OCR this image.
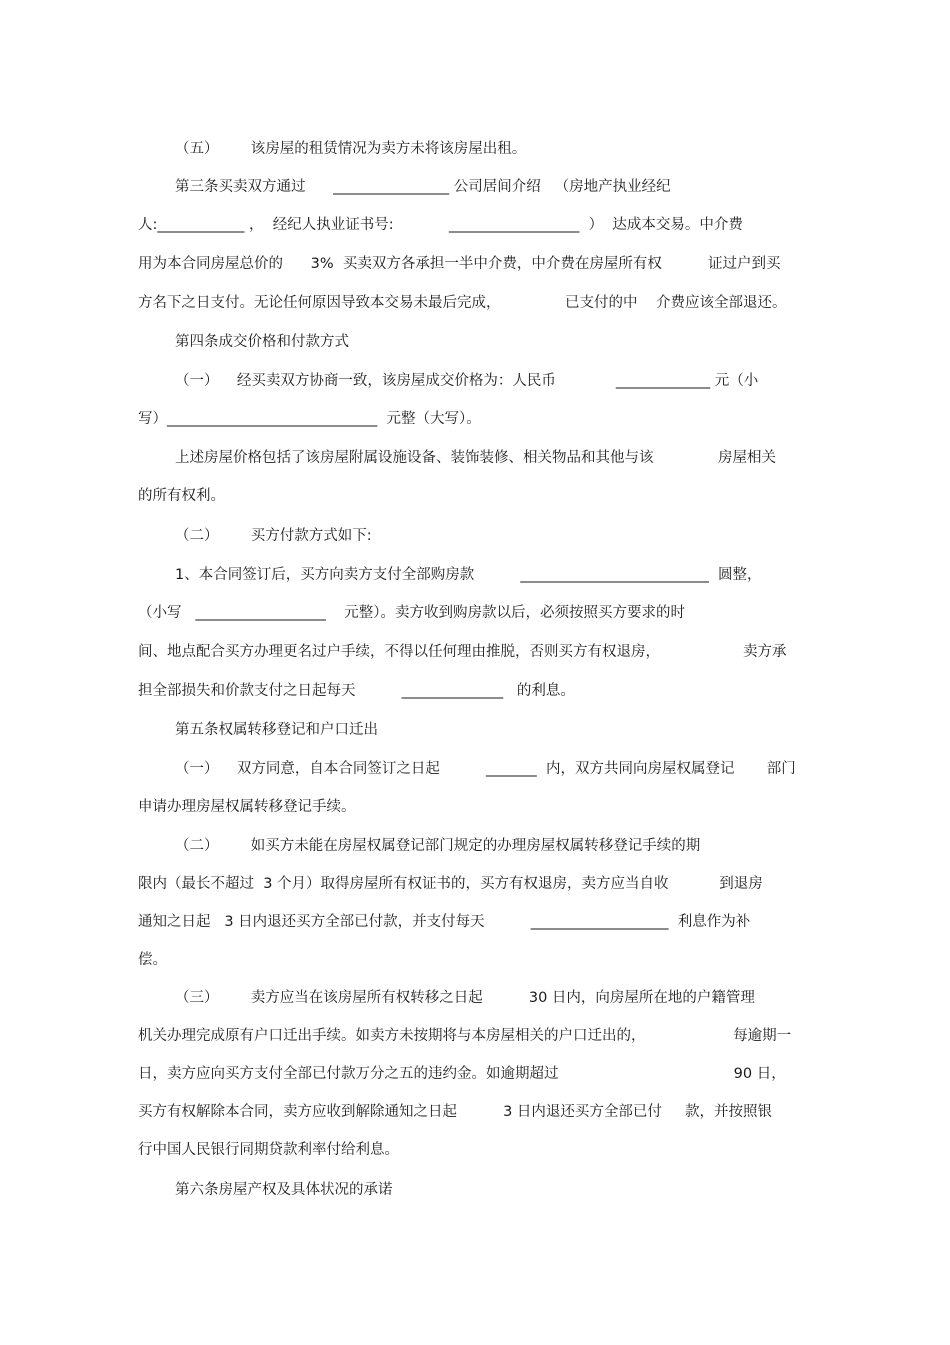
（五）       该房屋的租赁情况为卖方未将该房屋出租。
第三条买卖双方通过      ________________ 公司居间介绍   （房地产执业经纪
人:____________ ，  经纪人执业证书号:            __________________  ）  达成本交易。中介费
用为本合同房屋总价的      3%  买卖双方各承担一半中介费，中介费在房屋所有权          证过户到买
方名下之日支付。无论任何原因导致本交易未最后完成，              已支付的中    介费应该全部退还。
第四条成交价格和付款方式
（一）    经买卖双方协商一致，该房屋成交价格为：人民币             _____________ 元（小
写）_____________________________  元整（大写）。
上述房屋价格包括了该房屋附属设施设备、装饰装修、相关物品和其他与该              房屋相关
的所有权利。
（二）       买方付款方式如下:
1、本合同签订后，买方向卖方支付全部购房款          __________________________  圆整，
（小写   __________________    元整）。卖方收到购房款以后，必须按照买方要求的时
间、地点配合买方办理更名过户手续，不得以任何理由推脱，否则买方有权退房，                  卖方承
担全部损失和价款支付之日起每天          ______________   的利息。
第五条权属转移登记和户口迁出
（一）    双方同意，自本合同签订之日起          _______  内，双方共同向房屋权属登记       部门
申请办理房屋权属转移登记手续。
（二）       如买方未能在房屋权属登记部门规定的办理房屋权属转移登记手续的期
限内（最长不超过  3 个月）取得房屋所有权证书的，买方有权退房，卖方应当自收           到退房
通知之日起   3 日内退还买方全部已付款，并支付每天          ___________________  利息作为补
偿。
（三）       卖方应当在该房屋所有权转移之日起          30 日内，向房屋所在地的户籍管理
机关办理完成原有户口迁出手续。如卖方未按期将与本房屋相关的户口迁出的，                   每逾期一
日，卖方应向买方支付全部已付款万分之五的违约金。如逾期超过                                      90 日，
买方有权解除本合同，卖方应收到解除通知之日起          3 日内退还买方全部已付     款，并按照银
行中国人民银行同期贷款利率付给利息。
第六条房屋产权及具体状况的承诺
